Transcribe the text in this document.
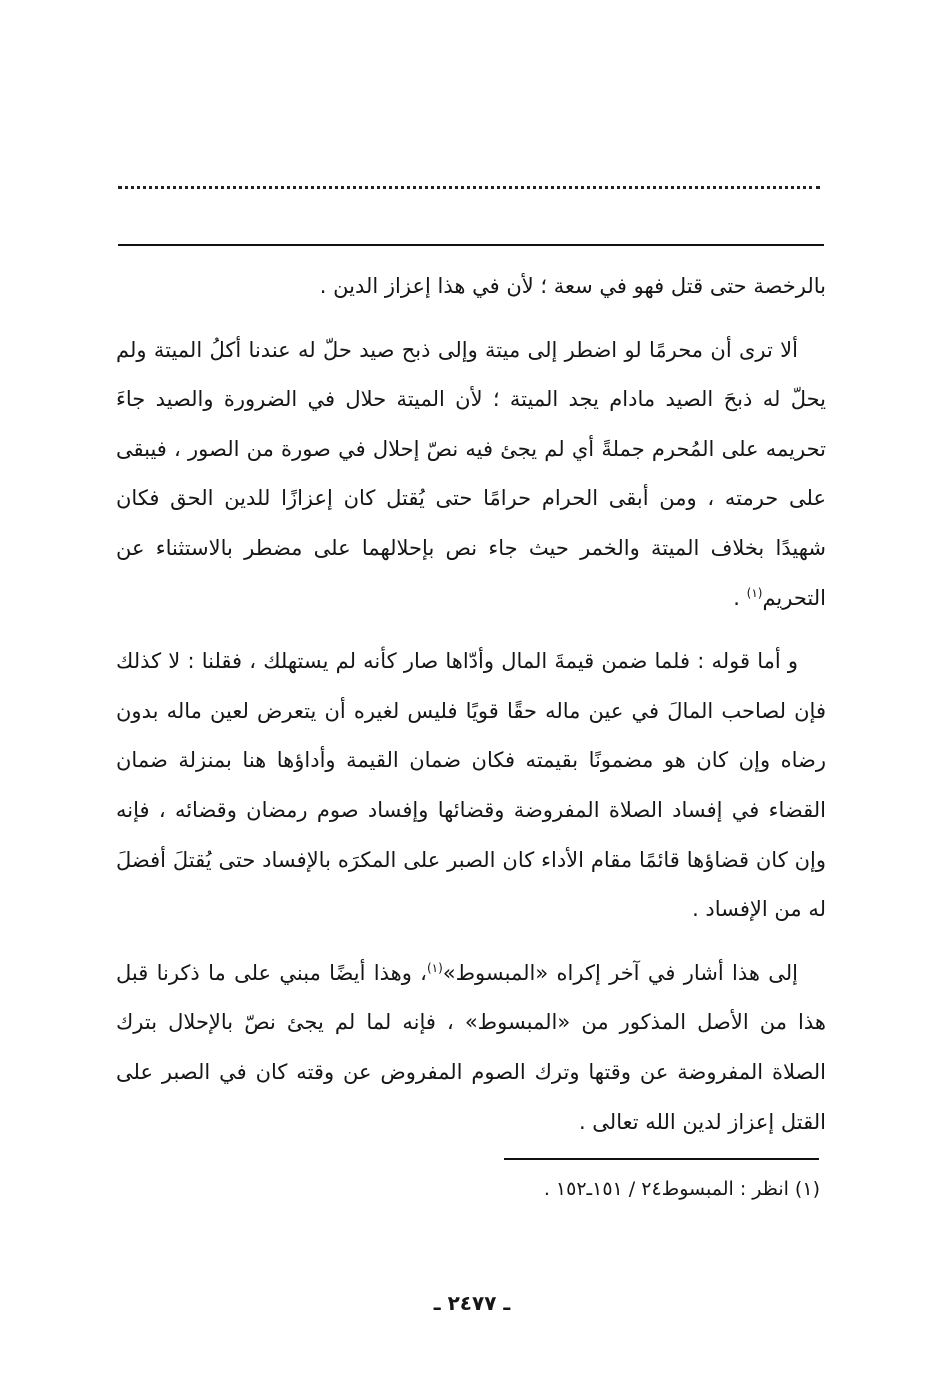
بالرخصة حتى قتل فهو في سعة ؛ لأن في هذا إعزاز الدين .

ألا ترى أن محرمًا لو اضطر إلى ميتة وإلى ذبح صيد حلّ له عندنا أكلُ الميتة ولم يحلّ له ذبحَ الصيد مادام يجد الميتة ؛ لأن الميتة حلال في الضرورة والصيد جاءَ تحريمه على المُحرم جملةً أي لم يجئ فيه نصّ إحلال في صورة من الصور ، فيبقى على حرمته ، ومن أبقى الحرام حرامًا حتى يُقتل كان إعزازًا للدين الحق فكان شهيدًا بخلاف الميتة والخمر حيث جاء نص بإحلالهما على مضطر بالاستثناء عن التحريم$^{(١)}$ .

و أما قوله : فلما ضمن قيمةَ المال وأدّاها صار كأنه لم يستهلك ، فقلنا : لا كذلك فإن لصاحب المالَ في عين ماله حقًا قويًا فليس لغيره أن يتعرض لعين ماله بدون رضاه وإن كان هو مضمونًا بقيمته فكان ضمان القيمة وأداؤها هنا بمنزلة ضمان القضاء في إفساد الصلاة المفروضة وقضائها وإفساد صوم رمضان وقضائه ، فإنه وإن كان قضاؤها قائمًا مقام الأداء كان الصبر على المكرَه بالإفساد حتى يُقتلَ أفضلَ له من الإفساد .

إلى هذا أشار في آخر إكراه «المبسوط»$^{(١)}$، وهذا أيضًا مبني على ما ذكرنا قبل هذا من الأصل المذكور من «المبسوط» ، فإنه لما لم يجئ نصّ بالإحلال بترك الصلاة المفروضة عن وقتها وترك الصوم المفروض عن وقته كان في الصبر على القتل إعزاز لدين الله تعالى .

(١) انظر : المبسوط٢٤ / ١٥١ـ١٥٢ .
ـ ٢٤٧٧ ـ
